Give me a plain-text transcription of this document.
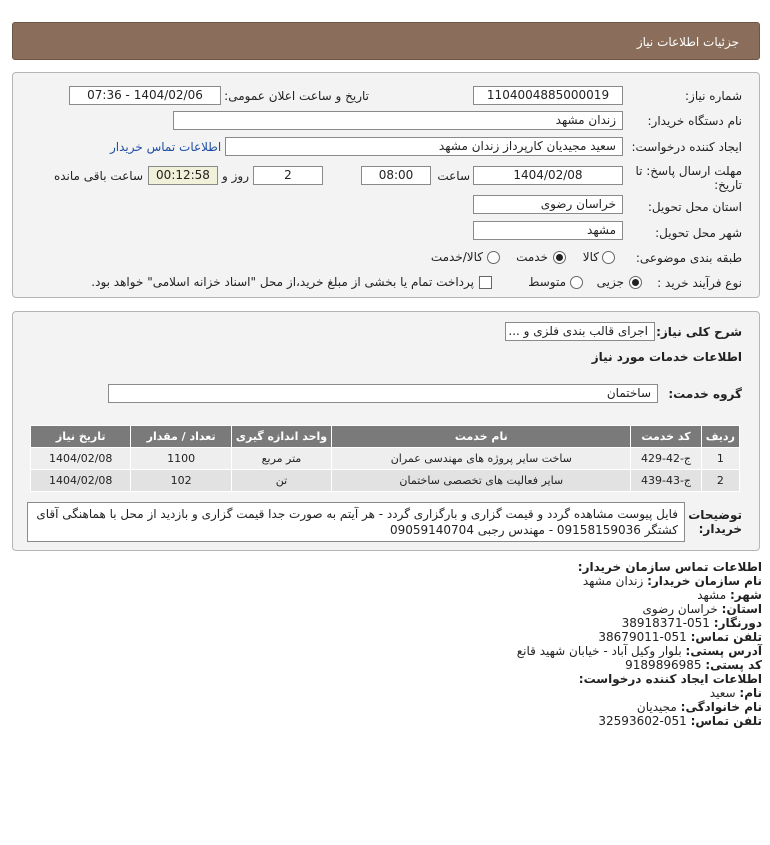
جزئیات اطلاعات نیاز
شماره نیاز:
1104004885000019
تاریخ و ساعت اعلان عمومی:
1404/02/06 - 07:36
نام دستگاه خریدار:
زندان مشهد
ایجاد کننده درخواست:
سعید مجیدیان کارپرداز زندان مشهد
اطلاعات تماس خریدار
مهلت ارسال پاسخ: تا
تاریخ:
1404/02/08
ساعت
08:00
2
روز و
00:12:58
ساعت باقی مانده
استان محل تحویل:
خراسان رضوی
شهر محل تحویل:
مشهد
طبقه بندی موضوعی:
کالا
خدمت
کالا/خدمت
نوع فرآیند خرید :
جزیی
متوسط
پرداخت تمام یا بخشی از مبلغ خرید،از محل "اسناد خزانه اسلامی" خواهد بود.
شرح کلی نیاز:
اجرای قالب بندی فلزی و ...
اطلاعات خدمات مورد نیاز
گروه خدمت:
ساختمان
ردیف	کد خدمت	نام خدمت	واحد اندازه گیری	تعداد / مقدار	تاریخ نیاز
1	ج-42-429	ساخت سایر پروژه های مهندسی عمران	متر مربع	1100	1404/02/08
2	ج-43-439	سایر فعالیت های تخصصی ساختمان	تن	102	1404/02/08
توضیحات
خریدار:
فایل پیوست مشاهده گردد و قیمت گزاری و بارگزاری گردد - هر آیتم به صورت جدا قیمت گزاری و بازدید از محل با هماهنگی آقای
کشتگر 09158159036 - مهندس رجبی 09059140704
اطلاعات تماس سازمان خریدار:
نام سازمان خریدار: زندان مشهد
شهر: مشهد
استان: خراسان رضوی
دورنگار: 051-38918371
تلفن تماس: 051-38679011
آدرس پستی: بلوار وکیل آباد - خیابان شهید قانع
کد پستی: 9189896985
اطلاعات ایجاد کننده درخواست:
نام: سعید
نام خانوادگی: مجیدیان
تلفن تماس: 051-32593602
